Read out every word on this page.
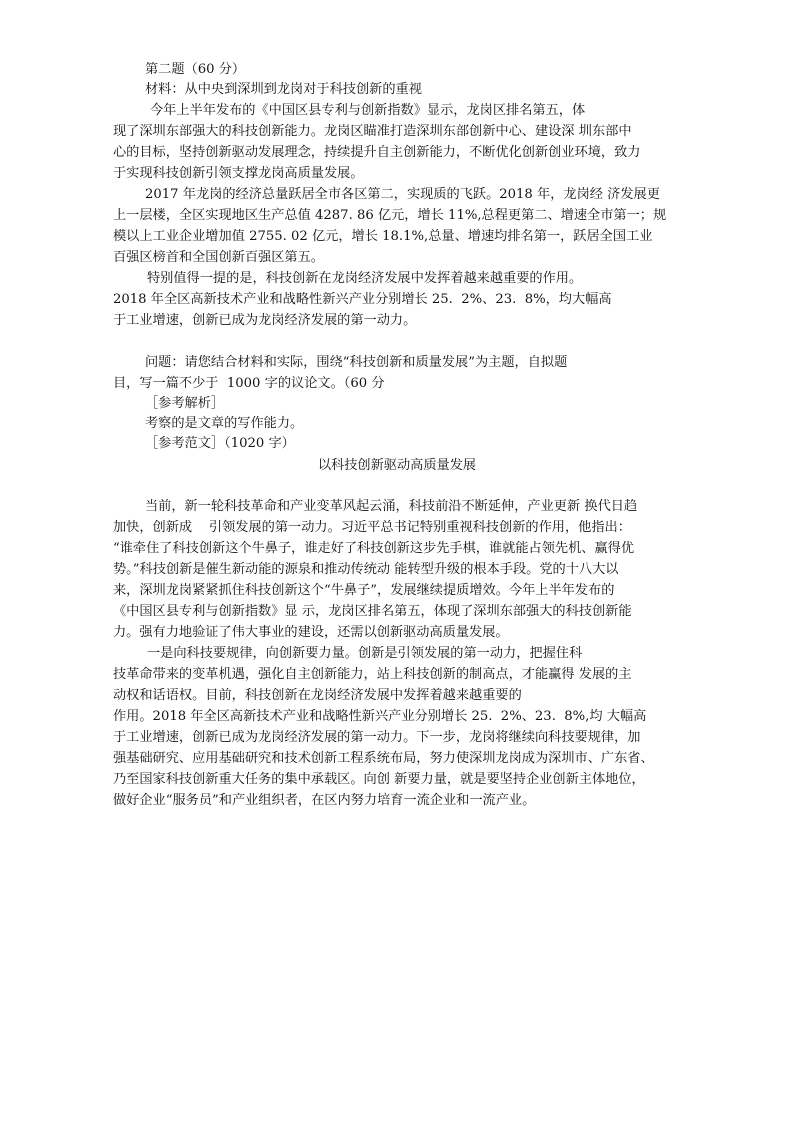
第二题（60 分）
材料：从中央到深圳到龙岗对于科技创新的重视
今年上半年发布的《中国区县专利与创新指数》显示，龙岗区排名第五，体
现了深圳东部强大的科技创新能力。龙岗区瞄准打造深圳东部创新中心、建设深 圳东部中
心的目标，坚持创新驱动发展理念，持续提升自主创新能力，不断优化创新创业环境，致力
于实现科技创新引领支撑龙岗高质量发展。
2017 年龙岗的经济总量跃居全市各区第二，实现质的飞跃。2018 年，龙岗经 济发展更
上一层楼，全区实现地区生产总值 4287. 86 亿元，增长 11%,总程更第二、增速全市第一；规
模以上工业企业增加值 2755. 02 亿元，增长 18.1%,总量、增速均排名第一，跃居全国工业
百强区榜首和全国创新百强区第五。
特别值得一提的是，科技创新在龙岗经济发展中发挥着越来越重要的作用。
2018 年全区高新技术产业和战略性新兴产业分别增长 25.  2%、23.  8%，均大幅高
于工业增速，创新已成为龙岗经济发展的第一动力。
问题：请您结合材料和实际，围绕“科技创新和质量发展”为主题，自拟题
目，写一篇不少于  1000 字的议论文。（60 分
［参考解析］
考察的是文章的写作能力。
［参考范文］（1020 字）
以科技创新驱动高质量发展
当前，新一轮科技革命和产业变革风起云涌，科技前沿不断延伸，产业更新 换代日趋
加快，创新成    引领发展的第一动力。习近平总书记特别重视科技创新的作用，他指出：
“谁牵住了科技创新这个牛鼻子，谁走好了科技创新这步先手棋，谁就能占领先机、赢得优
势。”科技创新是催生新动能的源泉和推动传统动 能转型升级的根本手段。党的十八大以
来，深圳龙岗紧紧抓住科技创新这个“牛鼻子”，发展继续提质增效。今年上半年发布的
《中国区县专利与创新指数》显 示，龙岗区排名第五，体现了深圳东部强大的科技创新能
力。强有力地验证了伟大事业的建设，还需以创新驱动高质量发展。
一是向科技要规律，向创新要力量。创新是引领发展的第一动力，把握住科
技革命带来的变革机遇，强化自主创新能力，站上科技创新的制高点，才能赢得 发展的主
动权和话语权。目前，科技创新在龙岗经济发展中发挥着越来越重要的
作用。2018 年全区高新技术产业和战略性新兴产业分别增长 25.  2%、23.  8%,均 大幅高
于工业增速，创新已成为龙岗经济发展的第一动力。下一步，龙岗将继续向科技要规律，加
强基础研究、应用基础研究和技术创新工程系统布局，努力使深圳龙岗成为深圳市、广东省、
乃至国家科技创新重大任务的集中承载区。向创 新要力量，就是要坚持企业创新主体地位，
做好企业“服务员”和产业组织者，在区内努力培育一流企业和一流产业。
